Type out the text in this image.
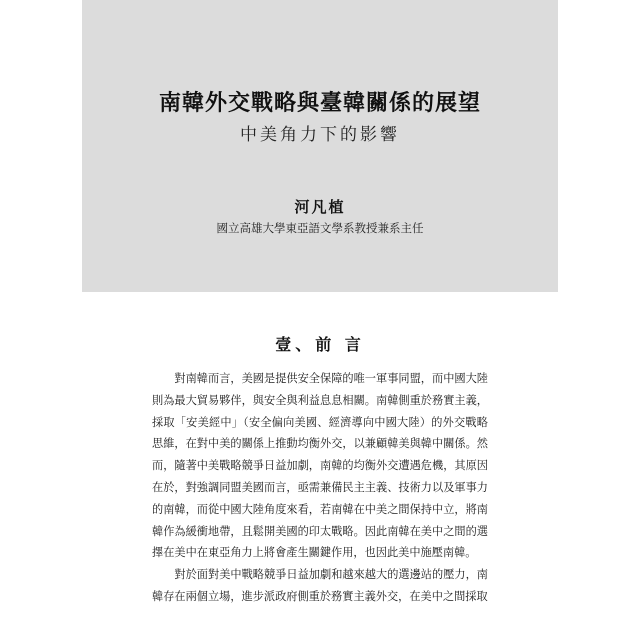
南韓外交戰略與臺韓關係的展望
中美角力下的影響
河凡植
國立高雄大學東亞語文學系教授兼系主任
壹、前 言

對南韓而言，美國是提供安全保障的唯一軍事同盟，而中國大陸則為最大貿易夥伴，與安全與利益息息相關。南韓側重於務實主義，採取「安美經中」（安全偏向美國、經濟導向中國大陸）的外交戰略思維，在對中美的關係上推動均衡外交，以兼顧韓美與韓中關係。然而，隨著中美戰略競爭日益加劇，南韓的均衡外交遭遇危機，其原因在於，對強調同盟美國而言，亟需兼備民主主義、技術力以及軍事力的南韓，而從中國大陸角度來看，若南韓在中美之間保持中立，將南韓作為緩衝地帶，且鬆開美國的印太戰略。因此南韓在美中之間的選擇在美中在東亞角力上將會產生關鍵作用，也因此美中施壓南韓。

對於面對美中戰略競爭日益加劇和越來越大的選邊站的壓力，南韓存在兩個立場，進步派政府側重於務實主義外交，在美中之間採取
